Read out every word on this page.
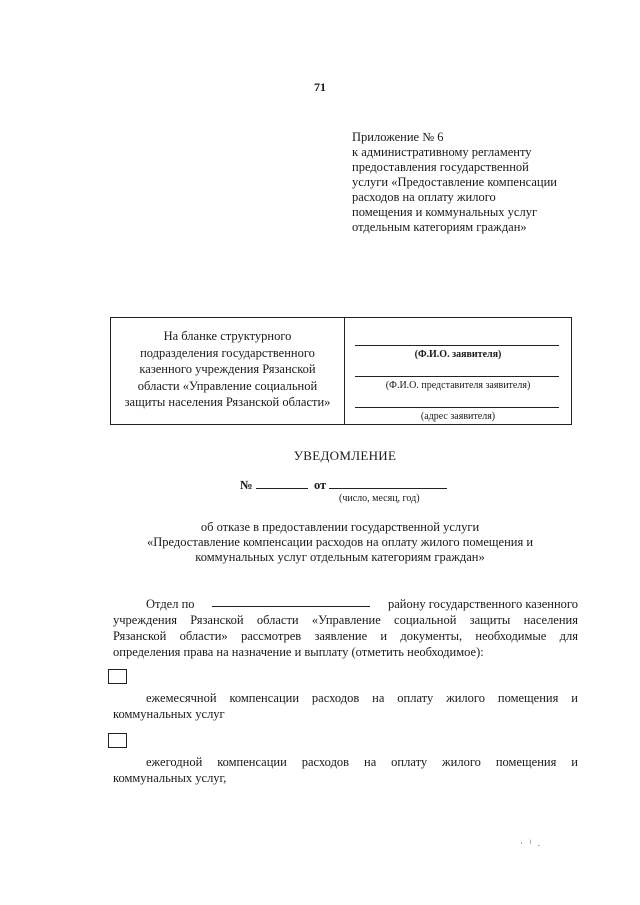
71
Приложение № 6
к административному регламенту
предоставления государственной
услуги «Предоставление компенсации
расходов на оплату жилого
помещения и коммунальных услуг
отдельным категориям граждан»
На бланке структурного
подразделения государственного
казенного учреждения Рязанской
области «Управление социальной
защиты населения Рязанской области»
(Ф.И.О. заявителя)
(Ф.И.О. представителя заявителя)
(адрес заявителя)
УВЕДОМЛЕНИЕ
№	от
(число, месяц, год)
об отказе в предоставлении государственной услуги
«Предоставление компенсации расходов на оплату жилого помещения и
коммунальных услуг отдельным категориям граждан»
Отдел по	району государственного казенного
учреждения Рязанской области «Управление социальной защиты населения
Рязанской области» рассмотрев заявление и документы, необходимые для
определения права на назначение и выплату (отметить необходимое):
ежемесячной компенсации расходов на оплату жилого помещения и
коммунальных услуг
ежегодной компенсации расходов на оплату жилого помещения и
коммунальных услуг,
· ⁾ .
